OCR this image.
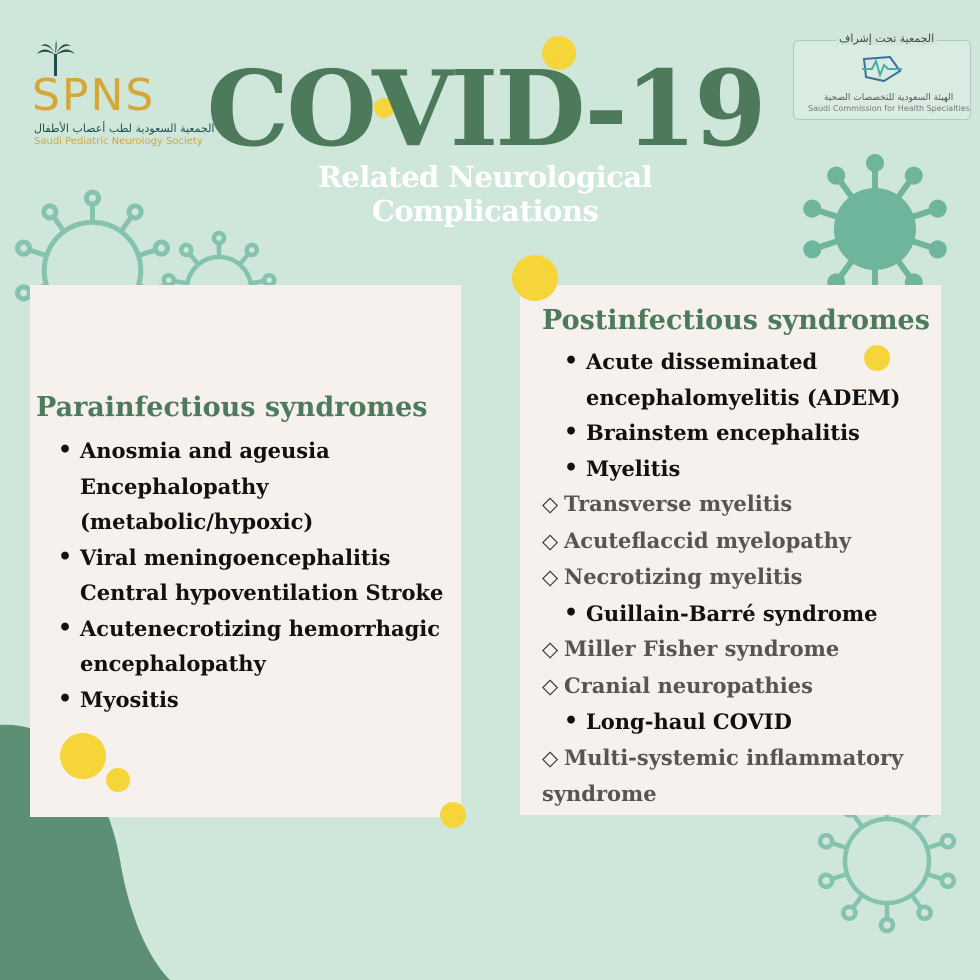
COVID-19
Related Neurological Complications
SPNS
الجمعية السعودية لطب أعصاب الأطفال
Saudi Pediatric Neurology Society
الجمعية تحت إشراف
الهيئة السعودية للتخصصات الصحية
Saudi Commission for Health Specialties
Parainfectious syndromes
• Anosmia and ageusia
Encephalopathy
(metabolic/hypoxic)
• Viral meningoencephalitis
Central hypoventilation Stroke
• Acutenecrotizing hemorrhagic
encephalopathy
• Myositis
Postinfectious syndromes
• Acute disseminated
encephalomyelitis (ADEM)
• Brainstem encephalitis
• Myelitis
◇ Transverse myelitis
◇ Acuteflaccid myelopathy
◇ Necrotizing myelitis
• Guillain-Barré syndrome
◇ Miller Fisher syndrome
◇ Cranial neuropathies
• Long-haul COVID
◇ Multi-systemic inflammatory
syndrome
